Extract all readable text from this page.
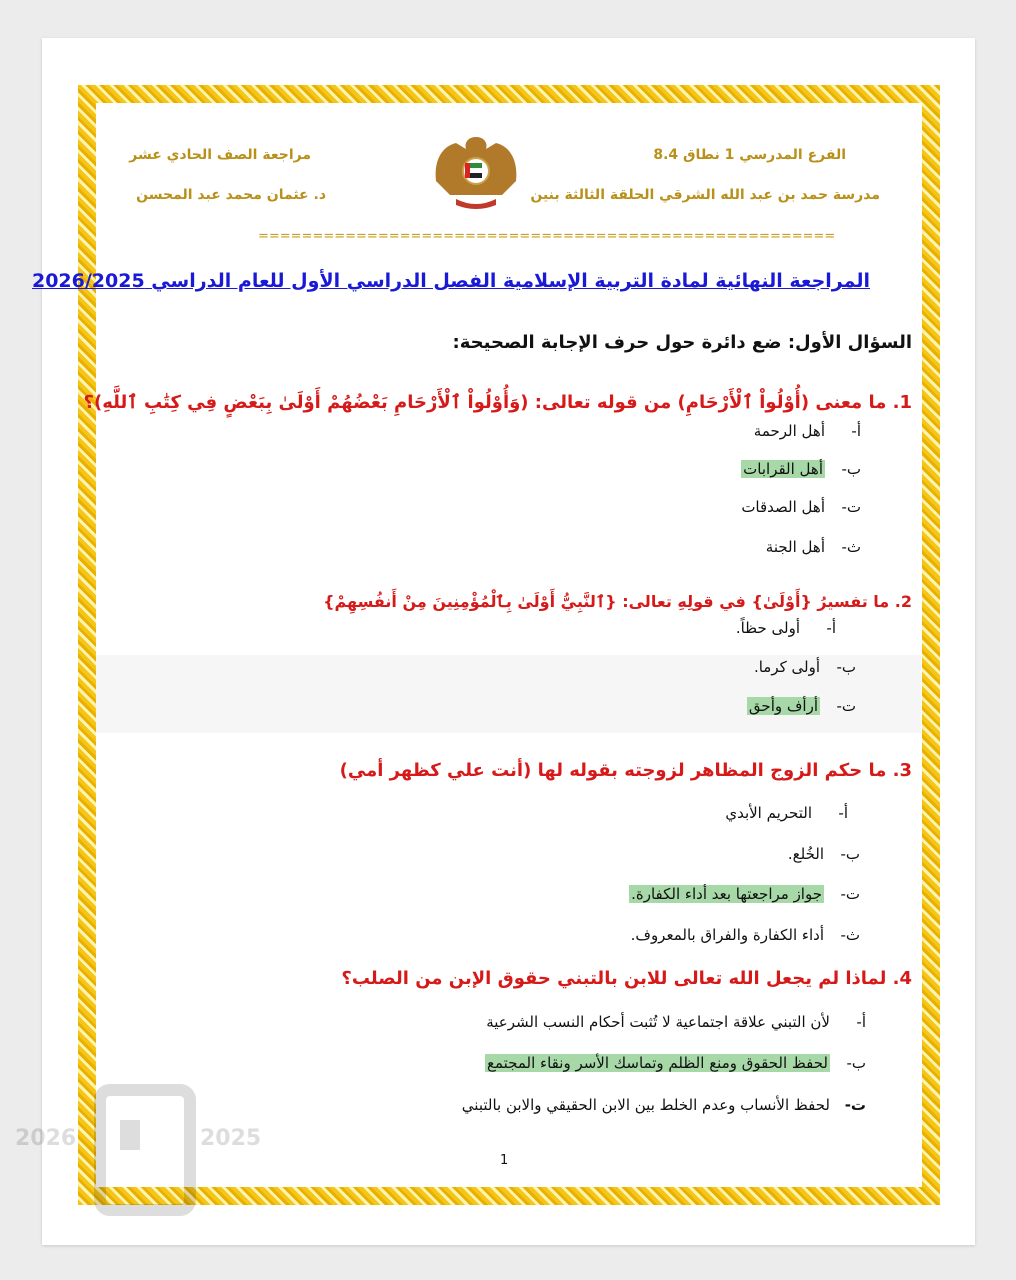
الفرع المدرسي 1 نطاق 8.4
مدرسة حمد بن عبد الله الشرقي الحلقة الثالثة بنين
مراجعة الصف الحادي عشر
د. عثمان محمد عبد المحسن
=====================================================
المراجعة النهائية لمادة التربية الإسلامية الفصل الدراسي الأول للعام الدراسي 2026/2025
السؤال الأول: ضع دائرة حول حرف الإجابة الصحيحة:
1. ما معنى (أُوْلُواْ ٱلْأَرْحَامِ) من قوله تعالى: (وَأُوْلُواْ ٱلْأَرْحَامِ بَعْضُهُمْ أَوْلَىٰ بِبَعْضٍ فِي كِتَٰبِ ٱللَّهِ)؟
أ-أهل الرحمة
ب-أهل القرابات
ت-أهل الصدقات
ث-أهل الجنة
2. ما تفسيرُ {أَوْلَىٰ} في قولِهِ تعالى: {ٱلنَّبِيُّ أَوْلَىٰ بِٱلْمُؤْمِنِينَ مِنْ أَنفُسِهِمْ}
أ-أولى حظاً.
ب-أولى كرما.
ت-أرأف وأحق
3. ما حكم الزوج المظاهر لزوجته بقوله لها (أنت علي كظهر أمي)
أ-التحريم الأبدي
ب-الخُلع.
ت-جواز مراجعتها بعد أداء الكفارة.
ث-أداء الكفارة والفراق بالمعروف.
4. لماذا لم يجعل الله تعالى للابن بالتبني حقوق الإبن من الصلب؟
أ-لأن التبني علاقة اجتماعية لا تُثبت أحكام النسب الشرعية
ب-لحفظ الحقوق ومنع الظلم وتماسك الأسر ونقاء المجتمع
ت-لحفظ الأنساب وعدم الخلط بين الابن الحقيقي والابن بالتبني
1
